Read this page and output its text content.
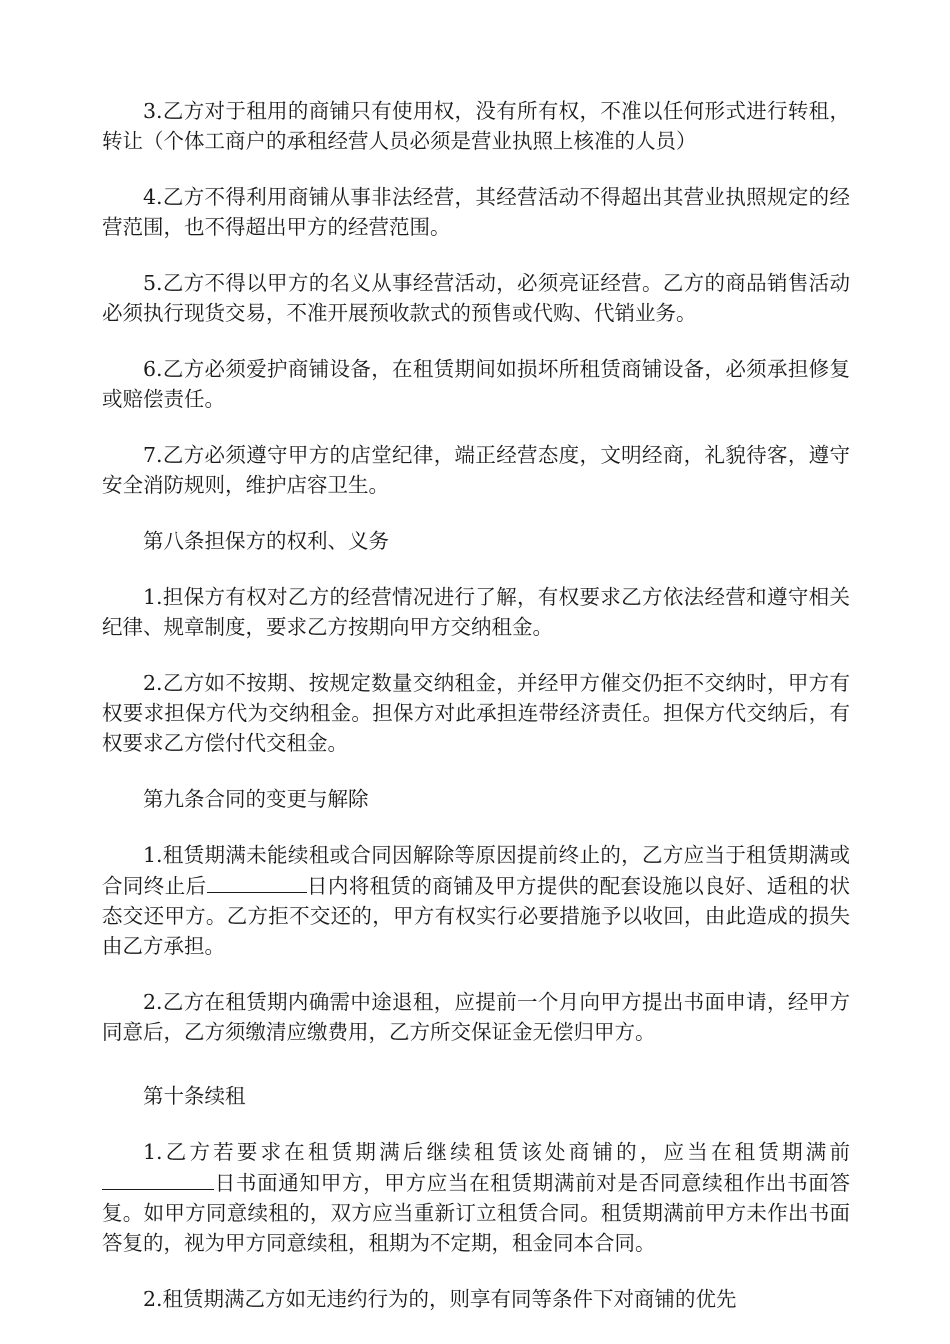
3.乙方对于租用的商铺只有使用权，没有所有权，不准以任何形式进行转租，转让（个体工商户的承租经营人员必须是营业执照上核准的人员）

4.乙方不得利用商铺从事非法经营，其经营活动不得超出其营业执照规定的经营范围，也不得超出甲方的经营范围。

5.乙方不得以甲方的名义从事经营活动，必须亮证经营。乙方的商品销售活动必须执行现货交易，不准开展预收款式的预售或代购、代销业务。

6.乙方必须爱护商铺设备，在租赁期间如损坏所租赁商铺设备，必须承担修复或赔偿责任。

7.乙方必须遵守甲方的店堂纪律，端正经营态度，文明经商，礼貌待客，遵守安全消防规则，维护店容卫生。

第八条担保方的权利、义务

1.担保方有权对乙方的经营情况进行了解，有权要求乙方依法经营和遵守相关纪律、规章制度，要求乙方按期向甲方交纳租金。

2.乙方如不按期、按规定数量交纳租金，并经甲方催交仍拒不交纳时，甲方有权要求担保方代为交纳租金。担保方对此承担连带经济责任。担保方代交纳后，有权要求乙方偿付代交租金。

第九条合同的变更与解除

1.租赁期满未能续租或合同因解除等原因提前终止的，乙方应当于租赁期满或合同终止后	日内将租赁的商铺及甲方提供的配套设施以良好、适租的状态交还甲方。乙方拒不交还的，甲方有权实行必要措施予以收回，由此造成的损失由乙方承担。

2.乙方在租赁期内确需中途退租，应提前一个月向甲方提出书面申请，经甲方同意后，乙方须缴清应缴费用，乙方所交保证金无偿归甲方。

第十条续租

1.乙方若要求在租赁期满后继续租赁该处商铺的，应当在租赁期满前日书面通知甲方，甲方应当在租赁期满前对是否同意续租作出书面答复。如甲方同意续租的，双方应当重新订立租赁合同。租赁期满前甲方未作出书面答复的，视为甲方同意续租，租期为不定期，租金同本合同。

2.租赁期满乙方如无违约行为的，则享有同等条件下对商铺的优先
